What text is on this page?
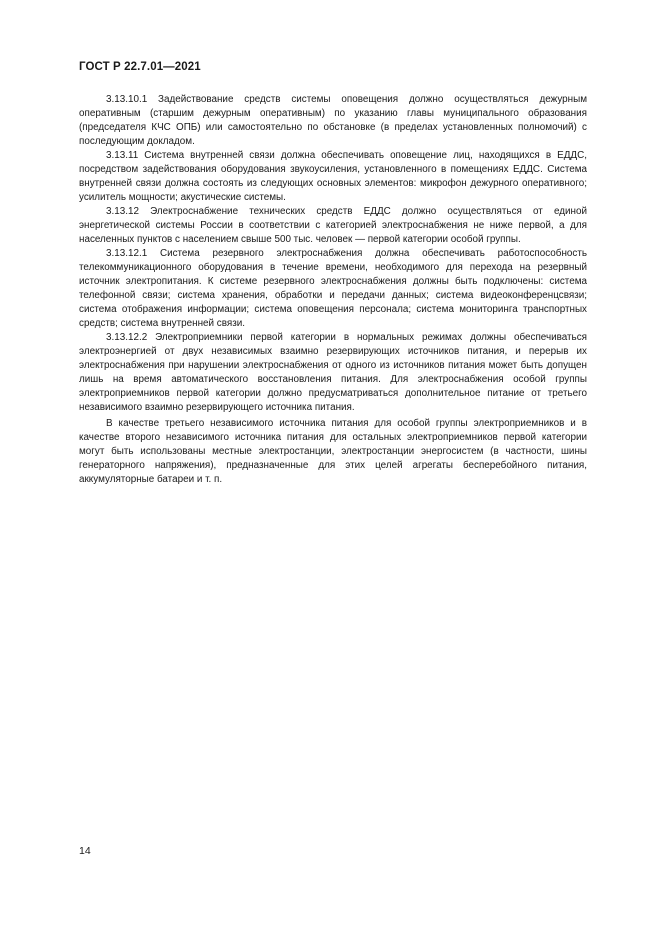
ГОСТ Р 22.7.01—2021

3.13.10.1 Задействование средств системы оповещения должно осуществляться дежурным оперативным (старшим дежурным оперативным) по указанию главы муниципального образования (председателя КЧС ОПБ) или самостоятельно по обстановке (в пределах установленных полномочий) с последующим докладом.

3.13.11 Система внутренней связи должна обеспечивать оповещение лиц, находящихся в ЕДДС, посредством задействования оборудования звукоусиления, установленного в помещениях ЕДДС. Система внутренней связи должна состоять из следующих основных элементов: микрофон дежурного оперативного; усилитель мощности; акустические системы.

3.13.12 Электроснабжение технических средств ЕДДС должно осуществляться от единой энергетической системы России в соответствии с категорией электроснабжения не ниже первой, а для населенных пунктов с населением свыше 500 тыс. человек — первой категории особой группы.

3.13.12.1 Система резервного электроснабжения должна обеспечивать работоспособность телекоммуникационного оборудования в течение времени, необходимого для перехода на резервный источник электропитания. К системе резервного электроснабжения должны быть подключены: система телефонной связи; система хранения, обработки и передачи данных; система видеоконференцсвязи; система отображения информации; система оповещения персонала; система мониторинга транспортных средств; система внутренней связи.

3.13.12.2 Электроприемники первой категории в нормальных режимах должны обеспечиваться электроэнергией от двух независимых взаимно резервирующих источников питания, и перерыв их электроснабжения при нарушении электроснабжения от одного из источников питания может быть допущен лишь на время автоматического восстановления питания. Для электроснабжения особой группы электроприемников первой категории должно предусматриваться дополнительное питание от третьего независимого взаимно резервирующего источника питания.

В качестве третьего независимого источника питания для особой группы электроприемников и в качестве второго независимого источника питания для остальных электроприемников первой категории могут быть использованы местные электростанции, электростанции энергосистем (в частности, шины генераторного напряжения), предназначенные для этих целей агрегаты бесперебойного питания, аккумуляторные батареи и т. п.

14
